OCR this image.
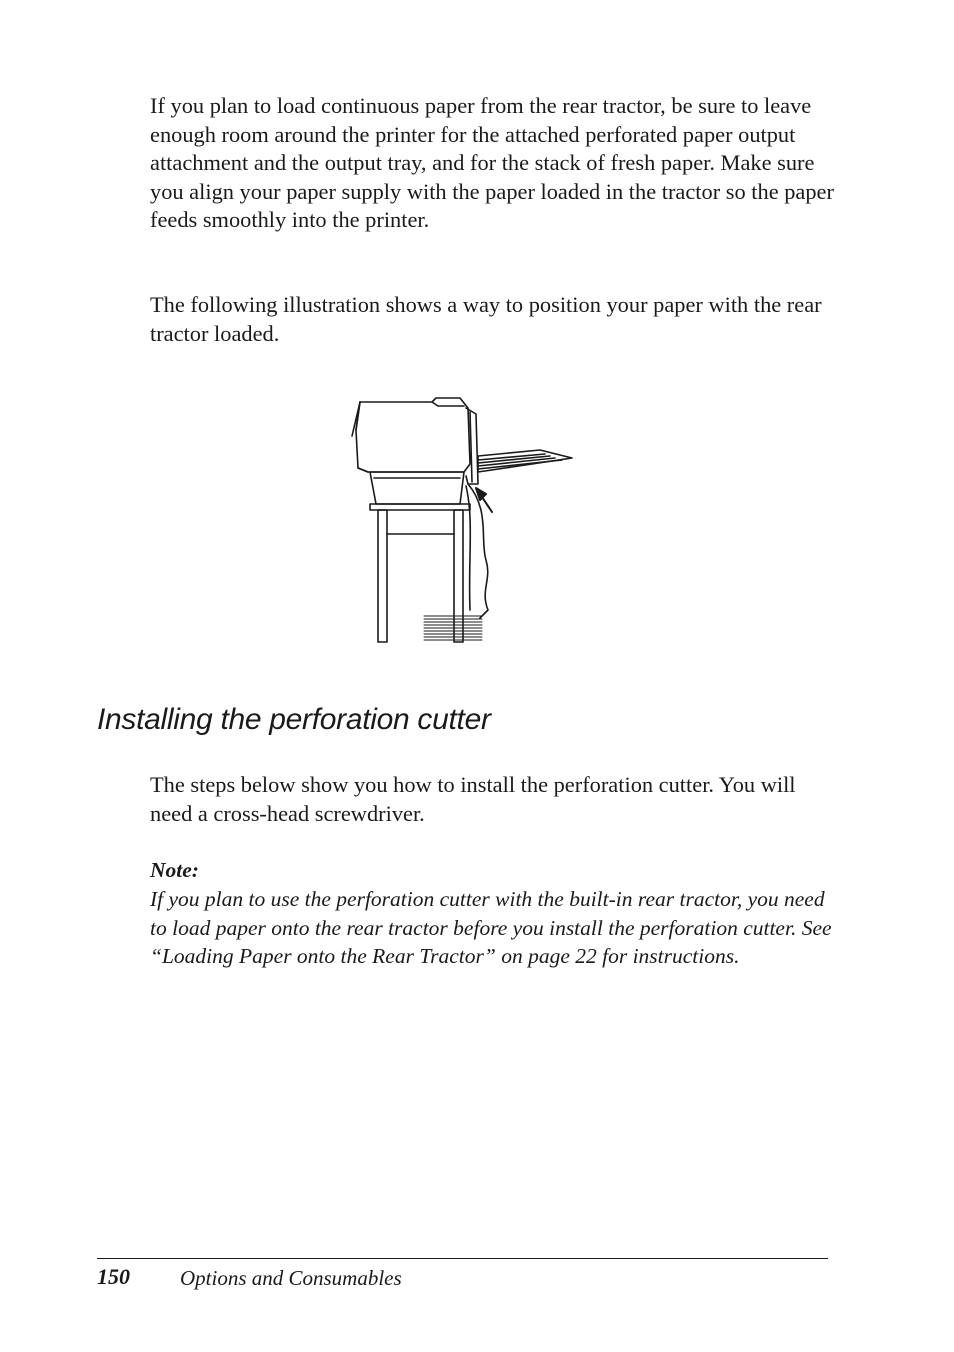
If you plan to load continuous paper from the rear tractor, be sure to leave enough room around the printer for the attached perforated paper output attachment and the output tray, and for the stack of fresh paper. Make sure you align your paper supply with the paper loaded in the tractor so the paper feeds smoothly into the printer.

The following illustration shows a way to position your paper with the rear tractor loaded.

Installing the perforation cutter

The steps below show you how to install the perforation cutter. You will need a cross-head screwdriver.

Note:

If you plan to use the perforation cutter with the built-in rear tractor, you need to load paper onto the rear tractor before you install the perforation cutter. See “Loading Paper onto the Rear Tractor” on page 22 for instructions.

150 Options and Consumables
